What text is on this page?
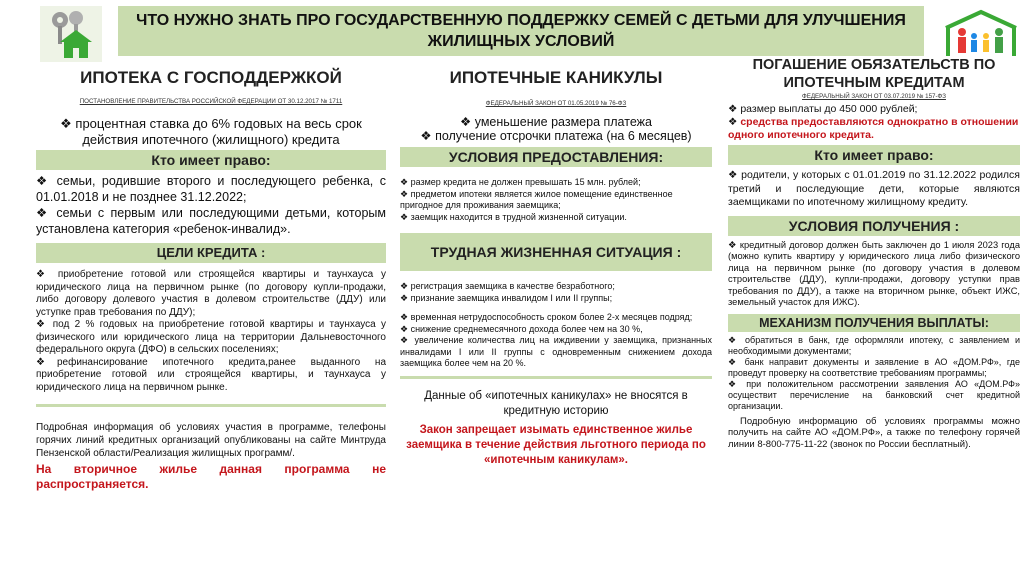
ЧТО НУЖНО ЗНАТЬ ПРО ГОСУДАРСТВЕННУЮ ПОДДЕРЖКУ СЕМЕЙ С ДЕТЬМИ ДЛЯ УЛУЧШЕНИЯ
ЖИЛИЩНЫХ УСЛОВИЙ
ИПОТЕКА С ГОСПОДДЕРЖКОЙ
ПОСТАНОВЛЕНИЕ ПРАВИТЕЛЬСТВА РОССИЙСКОЙ ФЕДЕРАЦИИ ОТ 30.12.2017 № 1711
❖ процентная ставка до 6% годовых на весь срок действия ипотечного (жилищного) кредита
Кто имеет право:

❖ семьи, родившие второго и последующего ребенка, с 01.01.2018 и не позднее 31.12.2022;

❖ семьи с первым или последующими детьми, которым установлена категория «ребенок-инвалид».

ЦЕЛИ КРЕДИТА :

❖ приобретение готовой или строящейся квартиры и таунхауса у юридического лица на первичном рынке (по договору купли-продажи, либо договору долевого участия в долевом строительстве (ДДУ) или уступке прав требования по ДДУ);

❖ под 2 % годовых на приобретение готовой квартиры и таунхауса у физического или юридического лица на территории Дальневосточного федерального округа (ДФО) в сельских поселениях;

❖рефинансирование ипотечного кредита,ранее выданного на приобретение готовой или строящейся квартиры, и таунхауса у юридического лица на первичном рынке.

Подробная информация об условиях участия в программе, телефоны горячих линий кредитных организаций опубликованы на сайте Минтруда Пензенской области/Реализация жилищных программ/.
На вторичное жилье данная программа не распространяется.
ИПОТЕЧНЫЕ КАНИКУЛЫ
ФЕДЕРАЛЬНЫЙ ЗАКОН ОТ 01.05.2019 № 76-ФЗ
❖ уменьшение размера платежа
❖ получение отсрочки платежа (на 6 месяцев)
УСЛОВИЯ ПРЕДОСТАВЛЕНИЯ:

❖ размер кредита не должен превышать 15 млн. рублей;

❖ предметом ипотеки является жилое помещение единственное пригодное для проживания заемщика;

❖ заемщик находится в трудной жизненной ситуации.

ТРУДНАЯ ЖИЗНЕННАЯ СИТУАЦИЯ :

❖ регистрация заемщика в качестве безработного;

❖ признание заемщика инвалидом I или II группы;

❖ временная нетрудоспособность сроком более 2-х месяцев подряд;

❖ снижение среднемесячного дохода более чем на 30 %,

❖ увеличение количества лиц на иждивении у заемщика, признанных инвалидами I или II группы с одновременным снижением дохода заемщика более чем на 20 %.

Данные об «ипотечных каникулах» не вносятся в кредитную историю
Закон запрещает изымать единственное жилье заемщика в течение действия льготного периода по «ипотечным каникулам».
ПОГАШЕНИЕ ОБЯЗАТЕЛЬСТВ ПО ИПОТЕЧНЫМ КРЕДИТАМ
ФЕДЕРАЛЬНЫЙ ЗАКОН ОТ 03.07.2019 № 157-ФЗ

❖ размер выплаты до 450 000 рублей;

❖ средства предоставляются однократно в отношении одного ипотечного кредита.

Кто имеет право:

❖ родители, у которых с 01.01.2019 по 31.12.2022 родился третий и последующие дети, которые являются заемщиками по ипотечному жилищному кредиту.

УСЛОВИЯ ПОЛУЧЕНИЯ :

❖ кредитный договор должен быть заключен до 1 июля 2023 года (можно купить квартиру у юридического лица либо физического лица на первичном рынке (по договору участия в долевом строительстве (ДДУ), купли-продажи, договору уступки прав требования по ДДУ), а также на вторичном рынке, объект ИЖС, земельный участок для ИЖС).

МЕХАНИЗМ ПОЛУЧЕНИЯ ВЫПЛАТЫ:

❖ обратиться в банк, где оформляли ипотеку, с заявлением и необходимыми документами;

❖ банк направит документы и заявление в АО «ДОМ.РФ», где проведут проверку на соответствие требованиям программы;

❖ при положительном рассмотрении заявления АО «ДОМ.РФ» осуществит перечисление на банковский счет кредитной организации.

Подробную информацию об условиях программы можно получить на сайте АО «ДОМ.РФ», а также по телефону горячей линии 8-800-775-11-22 (звонок по России бесплатный).
